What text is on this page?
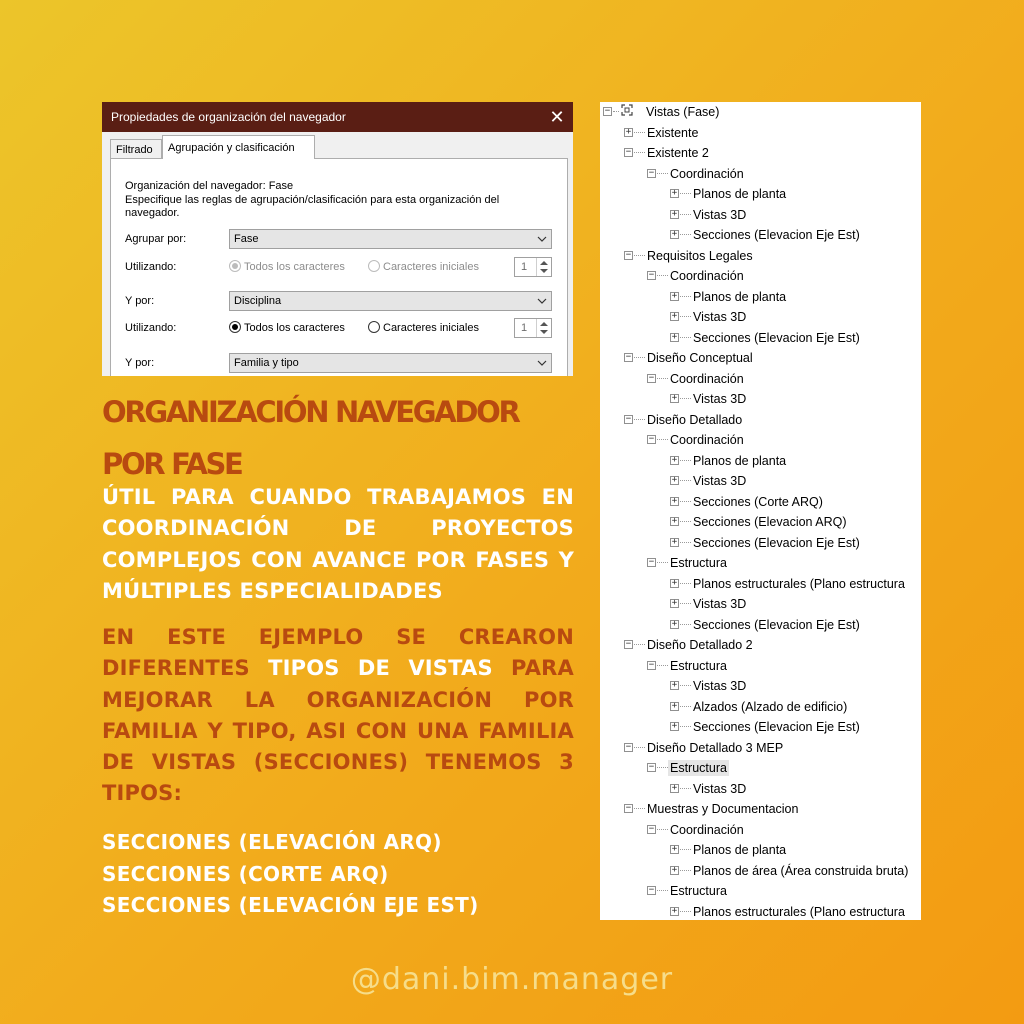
Propiedades de organización del navegador	✕
Filtrado	Agrupación y clasificación
Organización del navegador: Fase
Especifique las reglas de agrupación/clasificación para esta organización del
navegador.
Agrupar por:	Fase
Utilizando:	Todos los caracteres	Caracteres iniciales	1
Y por:	Disciplina
Utilizando:	Todos los caracteres	Caracteres iniciales	1
Y por:	Familia y tipo

ORGANIZACIÓN NAVEGADOR

POR FASE

ÚTIL PARA CUANDO TRABAJAMOS EN COORDINACIÓN DE PROYECTOS COMPLEJOS CON AVANCE POR FASES Y MÚLTIPLES ESPECIALIDADES

EN ESTE EJEMPLO SE CREARON DIFERENTES TIPOS DE VISTAS PARA MEJORAR LA ORGANIZACIÓN POR FAMILIA Y TIPO, ASI CON UNA FAMILIA DE VISTAS (SECCIONES) TENEMOS 3 TIPOS:

SECCIONES (ELEVACIÓN ARQ)

SECCIONES (CORTE ARQ)

SECCIONES (ELEVACIÓN EJE EST)

@dani.bim.manager
−	Vistas (Fase)
+ Existente
− Existente 2
− Coordinación
+ Planos de planta
+ Vistas 3D
+ Secciones (Elevacion Eje Est)
− Requisitos Legales
− Coordinación
+ Planos de planta
+ Vistas 3D
+ Secciones (Elevacion Eje Est)
− Diseño Conceptual
− Coordinación
+ Vistas 3D
− Diseño Detallado
− Coordinación
+ Planos de planta
+ Vistas 3D
+ Secciones (Corte ARQ)
+ Secciones (Elevacion ARQ)
+ Secciones (Elevacion Eje Est)
− Estructura
+ Planos estructurales (Plano estructura
+ Vistas 3D
+ Secciones (Elevacion Eje Est)
− Diseño Detallado 2
− Estructura
+ Vistas 3D
+ Alzados (Alzado de edificio)
+ Secciones (Elevacion Eje Est)
− Diseño Detallado 3 MEP
− Estructura
+ Vistas 3D
− Muestras y Documentacion
− Coordinación
+ Planos de planta
+ Planos de área (Área construida bruta)
− Estructura
+ Planos estructurales (Plano estructura
